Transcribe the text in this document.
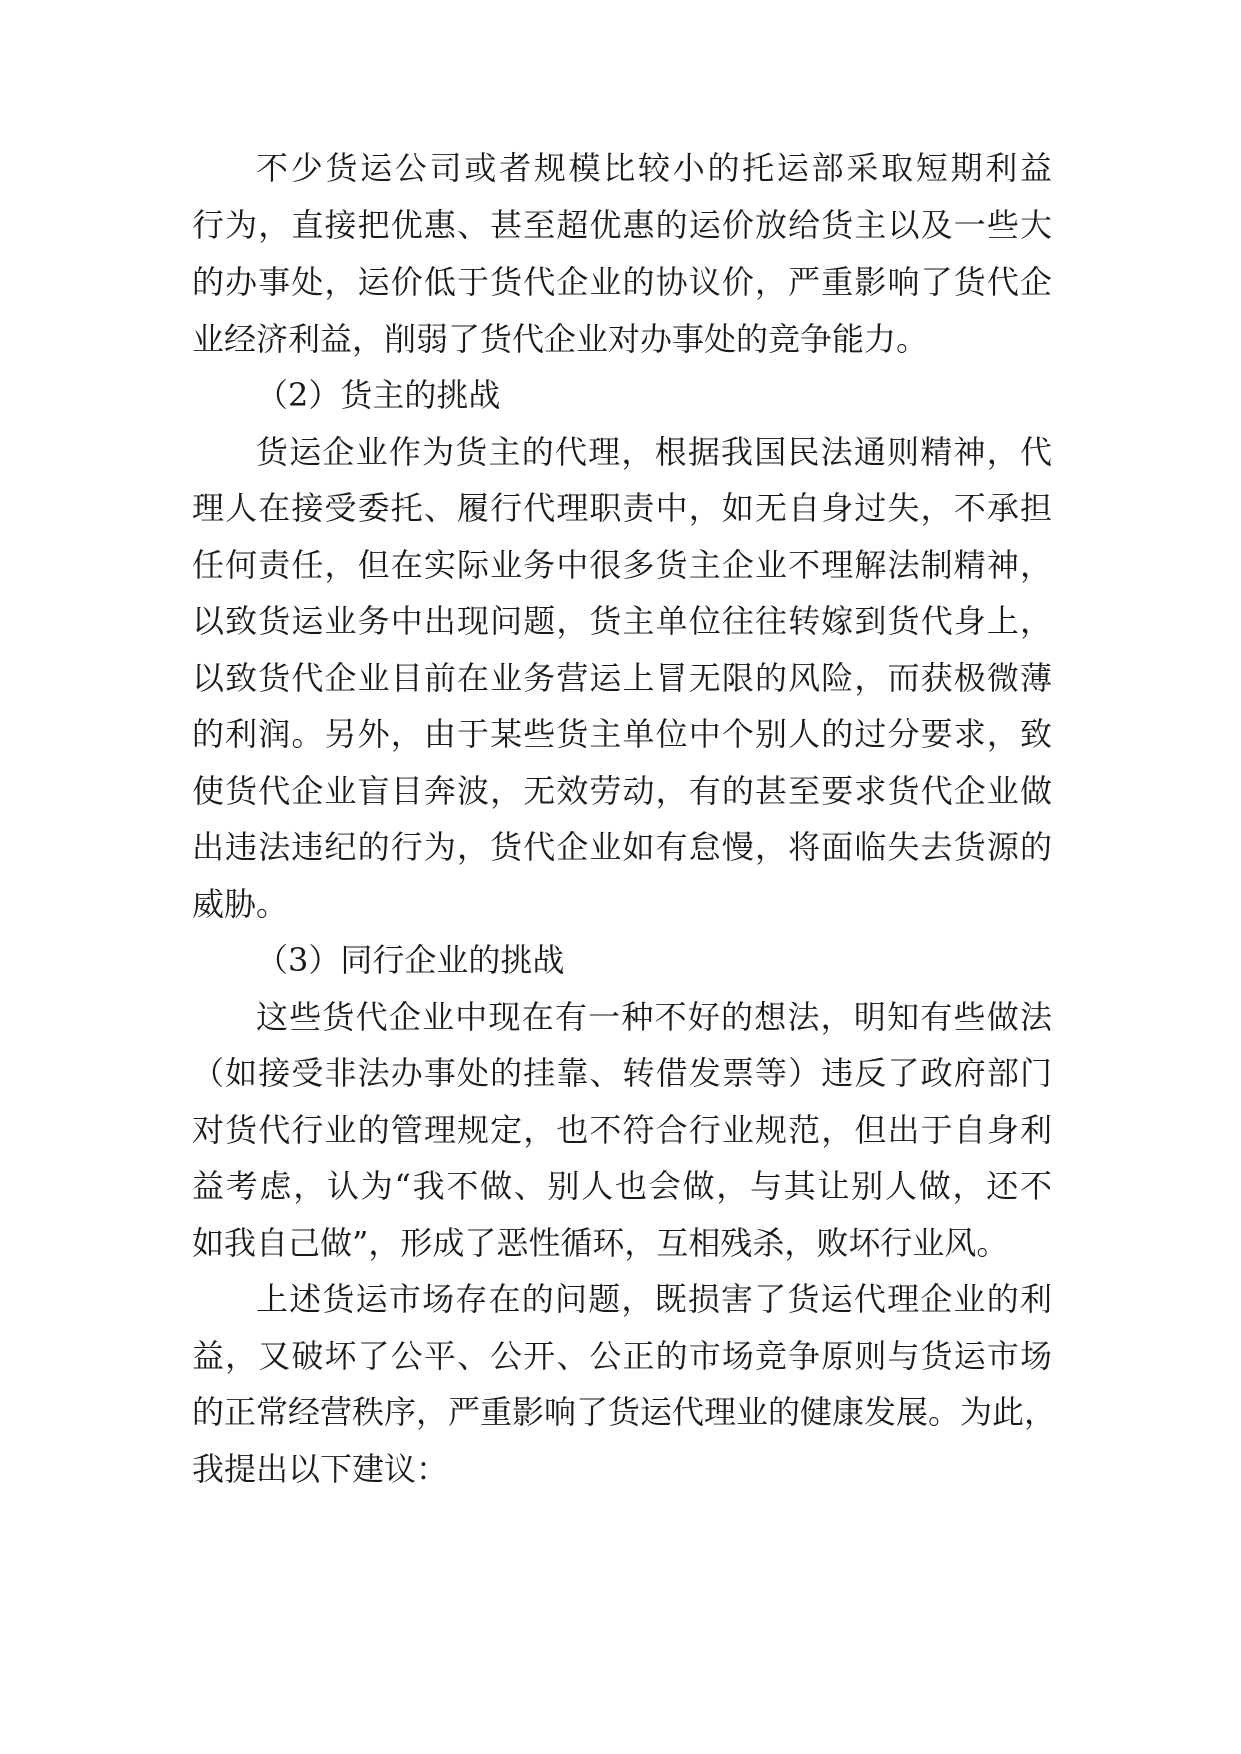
不少货运公司或者规模比较小的托运部采取短期利益
行为，直接把优惠、甚至超优惠的运价放给货主以及一些大
的办事处，运价低于货代企业的协议价，严重影响了货代企
业经济利益，削弱了货代企业对办事处的竞争能力。
（2）货主的挑战
货运企业作为货主的代理，根据我国民法通则精神，代
理人在接受委托、履行代理职责中，如无自身过失，不承担
任何责任，但在实际业务中很多货主企业不理解法制精神，
以致货运业务中出现问题，货主单位往往转嫁到货代身上，
以致货代企业目前在业务营运上冒无限的风险，而获极微薄
的利润。另外，由于某些货主单位中个别人的过分要求，致
使货代企业盲目奔波，无效劳动，有的甚至要求货代企业做
出违法违纪的行为，货代企业如有怠慢，将面临失去货源的
威胁。
（3）同行企业的挑战
这些货代企业中现在有一种不好的想法，明知有些做法
（如接受非法办事处的挂靠、转借发票等）违反了政府部门
对货代行业的管理规定，也不符合行业规范，但出于自身利
益考虑，认为“我不做、别人也会做，与其让别人做，还不
如我自己做”，形成了恶性循环，互相残杀，败坏行业风。
上述货运市场存在的问题，既损害了货运代理企业的利
益，又破坏了公平、公开、公正的市场竞争原则与货运市场
的正常经营秩序，严重影响了货运代理业的健康发展。为此，
我提出以下建议：
